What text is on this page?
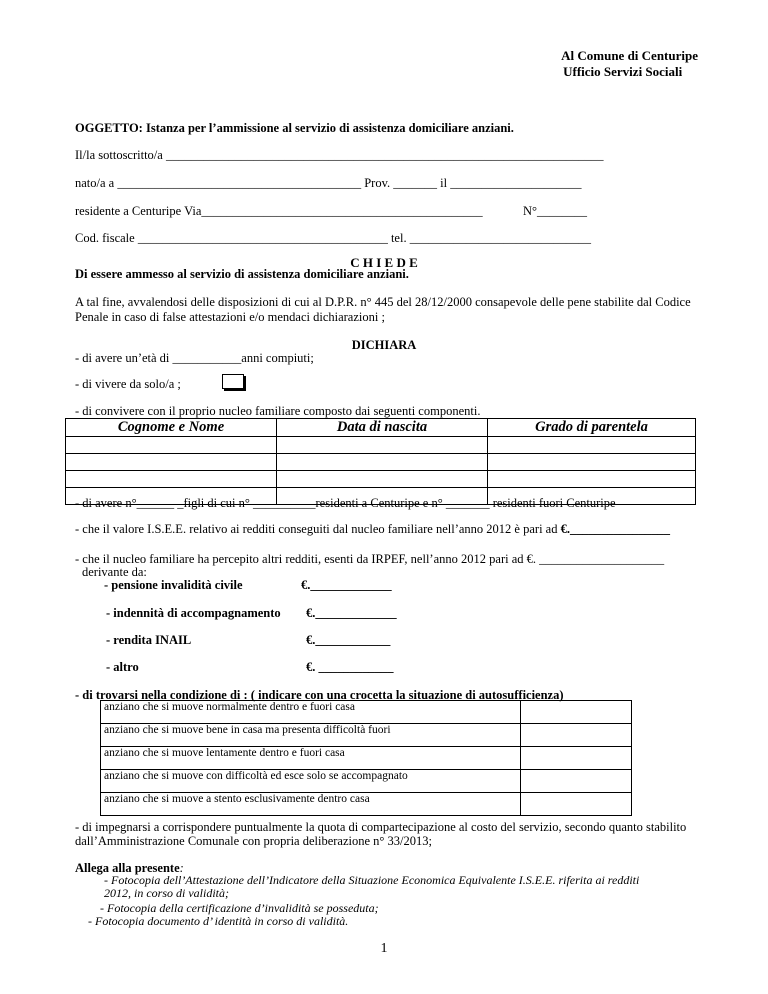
Al Comune di Centuripe
Ufficio Servizi Sociali
OGGETTO: Istanza per l’ammissione al servizio di assistenza domiciliare anziani.
Il/la sottoscritto/a ______________________________________________________________________
nato/a a _______________________________________ Prov. _______ il _____________________
residente a Centuripe Via_____________________________________________	N°________
Cod. fiscale ________________________________________ tel. _____________________________
C H I E D E
Di essere ammesso al servizio di assistenza domiciliare anziani.
A tal fine, avvalendosi delle disposizioni di cui al D.P.R. n° 445 del 28/12/2000 consapevole delle pene stabilite dal Codice Penale in caso di false attestazioni e/o mendaci dichiarazioni ;
DICHIARA
- di avere un’età di ___________anni compiuti;
- di vivere da solo/a ;
- di convivere con il proprio nucleo familiare composto dai seguenti componenti.
Cognome e Nome	Data di nascita	Grado di parentela

- di avere n°______ _figli di cui n° __________residenti a Centuripe e n° _______ residenti fuori Centuripe
- che il valore I.S.E.E. relativo ai redditi conseguiti dal nucleo familiare nell’anno 2012 è pari ad €.________________
- che il nucleo familiare ha percepito altri redditi, esenti da IRPEF, nell’anno 2012 pari ad €. ____________________
derivante da:
- pensione invalidità civile	€._____________
- indennità di accompagnamento €._____________
- rendita INAIL	€.____________
- altro	€. ____________
- di trovarsi nella condizione di : ( indicare con una crocetta la situazione di autosufficienza)
anziano che si muove normalmente dentro e fuori casa	
anziano che si muove bene in casa ma presenta difficoltà fuori	
anziano che si muove lentamente dentro e fuori casa	
anziano che si muove con difficoltà ed esce solo se accompagnato	
anziano che si muove a stento esclusivamente dentro casa	
- di impegnarsi a corrispondere puntualmente la quota di compartecipazione al costo del servizio, secondo quanto stabilito dall’Amministrazione Comunale con propria deliberazione n° 33/2013;
Allega alla presente:
- Fotocopia dell’Attestazione dell’Indicatore della Situazione Economica Equivalente I.S.E.E. riferita ai redditi 2012, in corso di validità;
- Fotocopia della certificazione d’invalidità se posseduta;
- Fotocopia documento d’ identità in corso di validità.
1
